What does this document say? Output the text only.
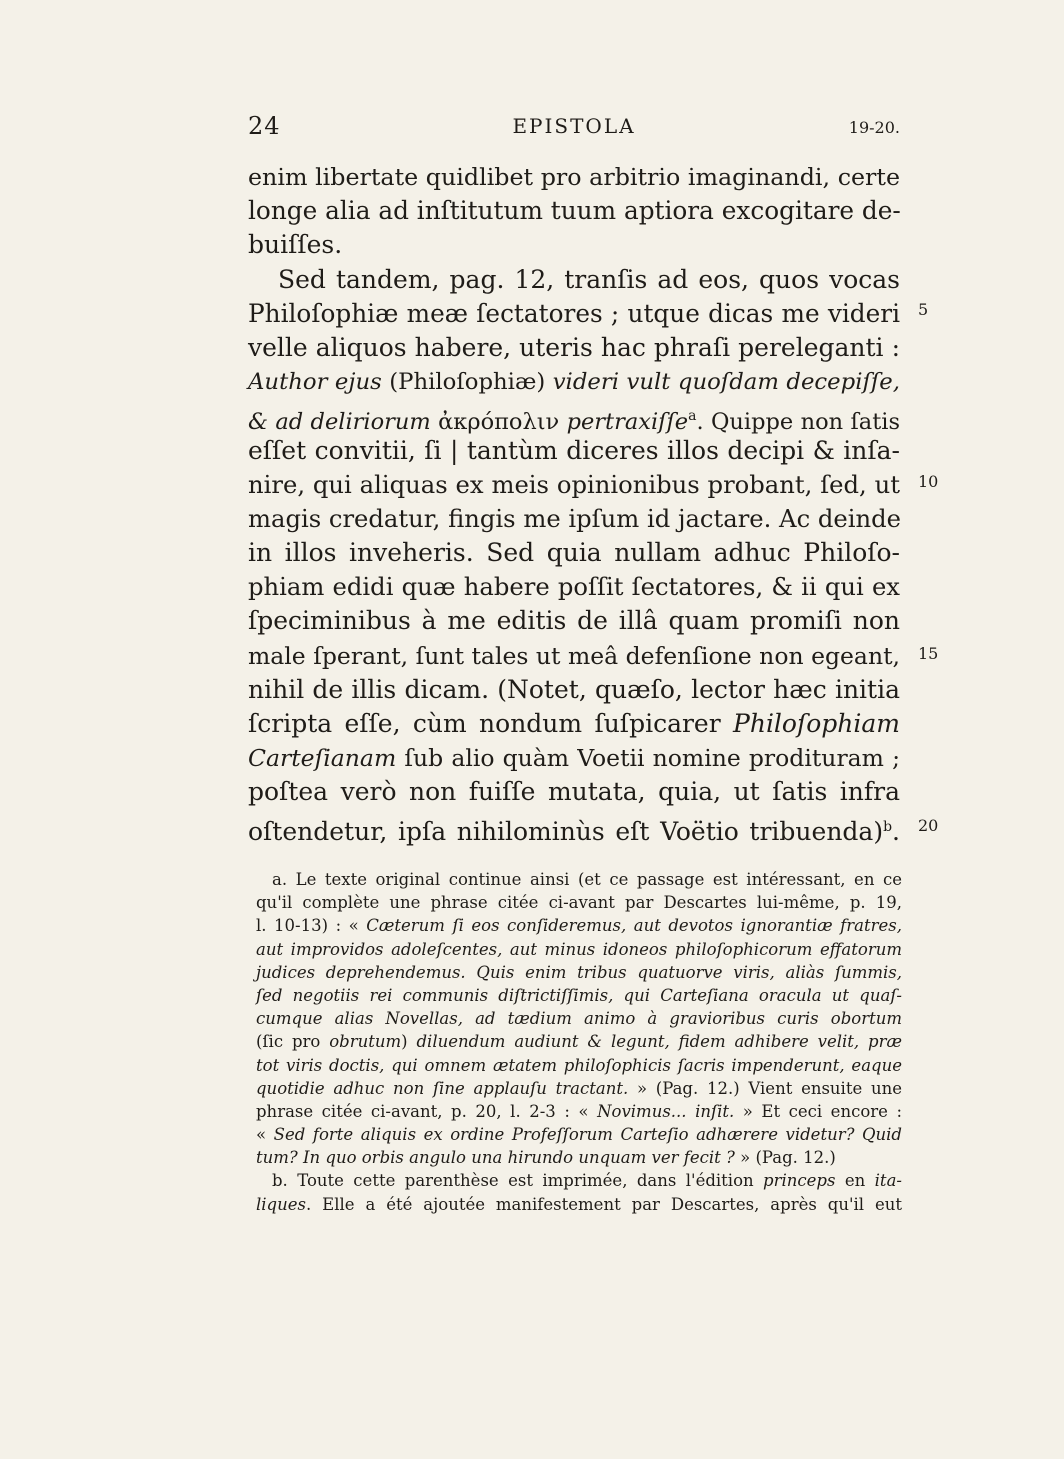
24	EPISTOLA	19-20.
enim libertate quidlibet pro arbitrio imaginandi, certe
longe alia ad inſtitutum tuum aptiora excogitare de-
buiſſes.
Sed tandem, pag. 12, tranſis ad eos, quos vocas
Philoſophiæ meæ ſectatores ; utque dicas me videri
velle aliquos habere, uteris hac phraſi pereleganti :
Author ejus (Philoſophiæ) videri vult quoſdam decepiſſe,
& ad deliriorum ἀκρόπολιν pertraxiſſe$^a$. Quippe non ſatis
eſſet convitii, ſi | tantùm diceres illos decipi & inſa-
nire, qui aliquas ex meis opinionibus probant, ſed, ut
magis credatur, fingis me ipſum id jactare. Ac deinde
in illos inveheris. Sed quia nullam adhuc Philoſo-
phiam edidi quæ habere poſſit ſectatores, & ii qui ex
ſpeciminibus à me editis de illâ quam promiſi non
male ſperant, ſunt tales ut meâ defenſione non egeant,
nihil de illis dicam. (Notet, quæſo, lector hæc initia
ſcripta eſſe, cùm nondum ſuſpicarer Philoſophiam
Carteſianam ſub alio quàm Voetii nomine prodituram ;
poſtea verò non fuiſſe mutata, quia, ut ſatis infra
oſtendetur, ipſa nihilominùs eſt Voëtio tribuenda)$^b$.
5
10
15
20
a. Le texte original continue ainsi (et ce passage est intéressant, en ce
qu'il complète une phrase citée ci-avant par Descartes lui-même, p. 19,
l. 10-13) : « Cæterum ſi eos conſideremus, aut devotos ignorantiæ fratres,
aut improvidos adoleſcentes, aut minus idoneos philoſophicorum effatorum
judices deprehendemus. Quis enim tribus quatuorve viris, aliàs ſummis,
ſed negotiis rei communis diſtrictiſſimis, qui Carteſiana oracula ut quaſ-
cumque alias Novellas, ad tædium animo à gravioribus curis obortum
(ſic pro obrutum) diluendum audiunt & legunt, fidem adhibere velit, præ
tot viris doctis, qui omnem ætatem philoſophicis ſacris impenderunt, eaque
quotidie adhuc non ſine applauſu tractant. » (Pag. 12.) Vient ensuite une
phrase citée ci-avant, p. 20, l. 2-3 : « Novimus... inſit. » Et ceci encore :
« Sed forte aliquis ex ordine Profeſſorum Carteſio adhærere videtur? Quid
tum? In quo orbis angulo una hirundo unquam ver fecit ? » (Pag. 12.)
b. Toute cette parenthèse est imprimée, dans l'édition princeps en ita-
liques. Elle a été ajoutée manifestement par Descartes, après qu'il eut
